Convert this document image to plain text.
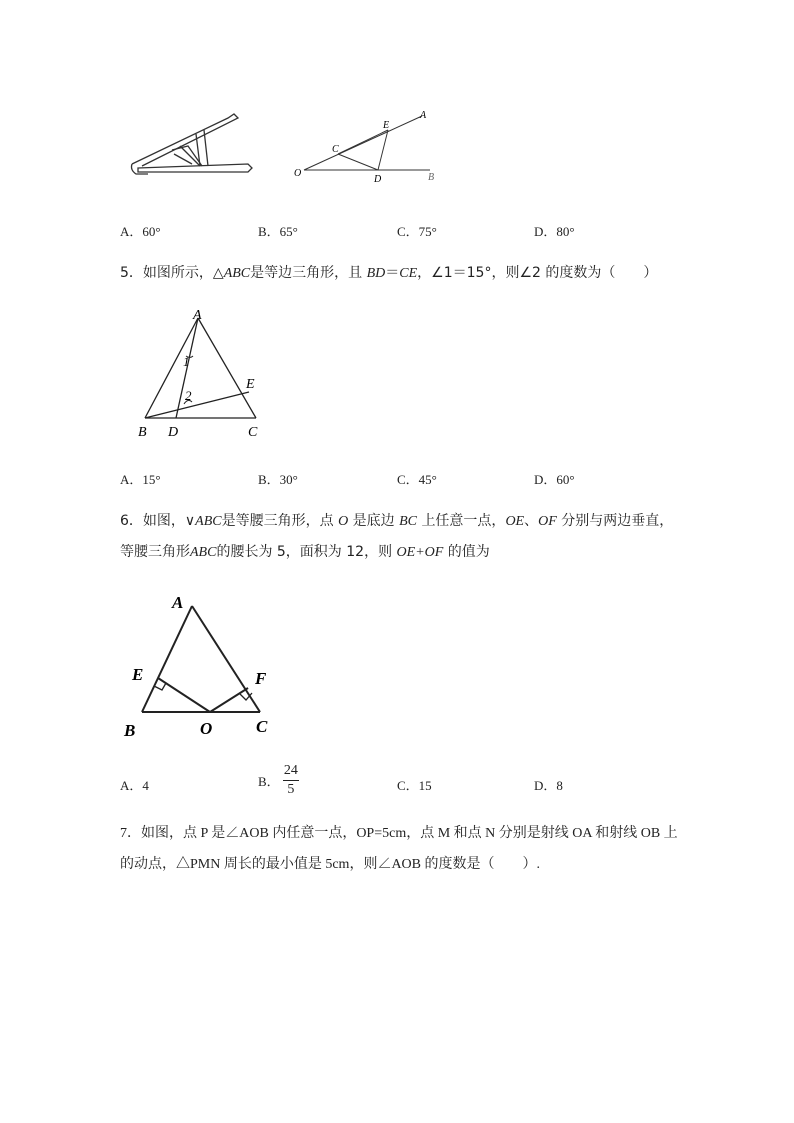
A
E
C
O
D	B
A．60°	B．65°	C．75°	D．80°
5．如图所示，△ABC是等边三角形，且 BD＝CE，∠1＝15°，则∠2 的度数为（　　）
A
1
2
E
B D	C
A．15°	B．30°	C．45°	D．60°
6．如图，∨ABC是等腰三角形，点 O 是底边 BC 上任意一点，OE、OF 分别与两边垂直，
等腰三角形ABC的腰长为 5，面积为 12，则 OE+OF 的值为
A
E	F
B	O	C
A．4	B． $\frac{24}{5}$	C．15	D．8
7．如图，点 P 是∠AOB 内任意一点，OP=5cm，点 M 和点 N 分别是射线 OA 和射线 OB 上
的动点，△PMN 周长的最小值是 5cm，则∠AOB 的度数是（　　）.
